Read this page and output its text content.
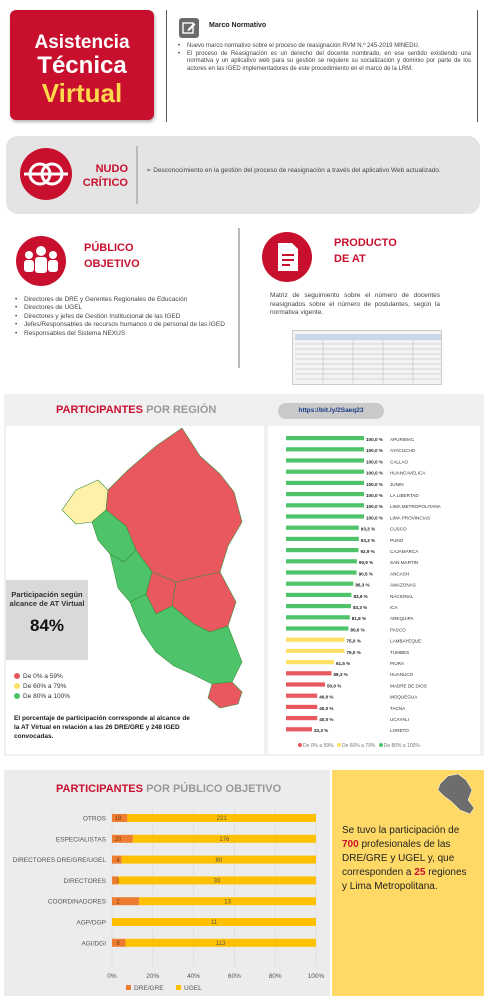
Asistencia
Técnica
Virtual
Marco Normativo
• Nuevo marco normativo sobre el proceso de reasignación RVM N.º 245-2019 MINEDU.
• El proceso de Reasignación es un derecho del docente nombrado, en ese sentido existiendo una normativa y un aplicativo web para su gestión se requiere su socialización y dominio por parte de los actores en las IGED implementadores de este procedimiento en el marco de la LRM.
NUDO
CRÍTICO
➢ Desconocimiento en la gestión del proceso de reasignación a través del aplicativo Web actualizado.
PÚBLICO
OBJETIVO
• Directores de DRE y Gerentes Regionales de Educación
• Directores de UGEL
• Directores y jefes de Gestión Institucional de las IGED
• Jefes/Responsables de recursos humanos o de personal de las IGED
• Responsables del Sistema NEXUS
PRODUCTO
DE AT
Matriz de seguimiento sobre el número de docentes reasignados sobre el número de postulantes, según la normativa vigente.
PARTICIPANTES POR REGIÓN	https://bit.ly/2Saeq23
100,0 % APURIMAC
100,0 % AYACUCHO
100,0 % CALLAO
100,0 % HUANCAVELICA
100,0 % JUNIN
100,0 % LA LIBERTAD
100,0 % LIMA METROPOLITANA
100,0 % LIMA PROVINCIAS
93,3 %	CUSCO
93,3 %	PUNO
92,9 %	CAJAMARCA
90,9 %	SAN MARTIN
90,5 %	ANCASH
86,3 %	AMAZONAS
83,9 %	NACIONAL
83,3 %	ICA
81,8 %	AREQUIPA
80,0 %	PASCO
75,0 %	LAMBAYEQUE
75,0 %	TUMBES
61,5 %	PIURA
58,3 %	HUANUCO
50,0 %	MADRE DE DIOS
40,0 %	MOQUEGUA
40,0 %	TACNA
40,0 %	UCAYALI
33,3 %	LORETO
Participación según alcance de AT Virtual
84%
De 0% a 59%
De 60% a 79%
De 80% a 100%
El porcentaje de participación corresponde al alcance de la AT Virtual en relación a las 26 DRE/GRE y 248 IGED convocadas.
De 0% a 59% De 60% a 79% De 80% a 100%
PARTICIPANTES POR PÚBLICO OBJETIVO
0%	20%	40%	60%	80%	100%
OTROS 18	221
ESPECIALISTAS 20	176
DIRECTORES DRE/GRE/UGEL 4	80
DIRECTORES 1	33
COORDINADORES 2	13
AGP/DGP	11
AGI/DGI 8	113
DRE/GRE	UGEL
Se tuvo la participación de 700 profesionales de las DRE/GRE y UGEL y, que corresponden a 25 regiones y Lima Metropolitana.
